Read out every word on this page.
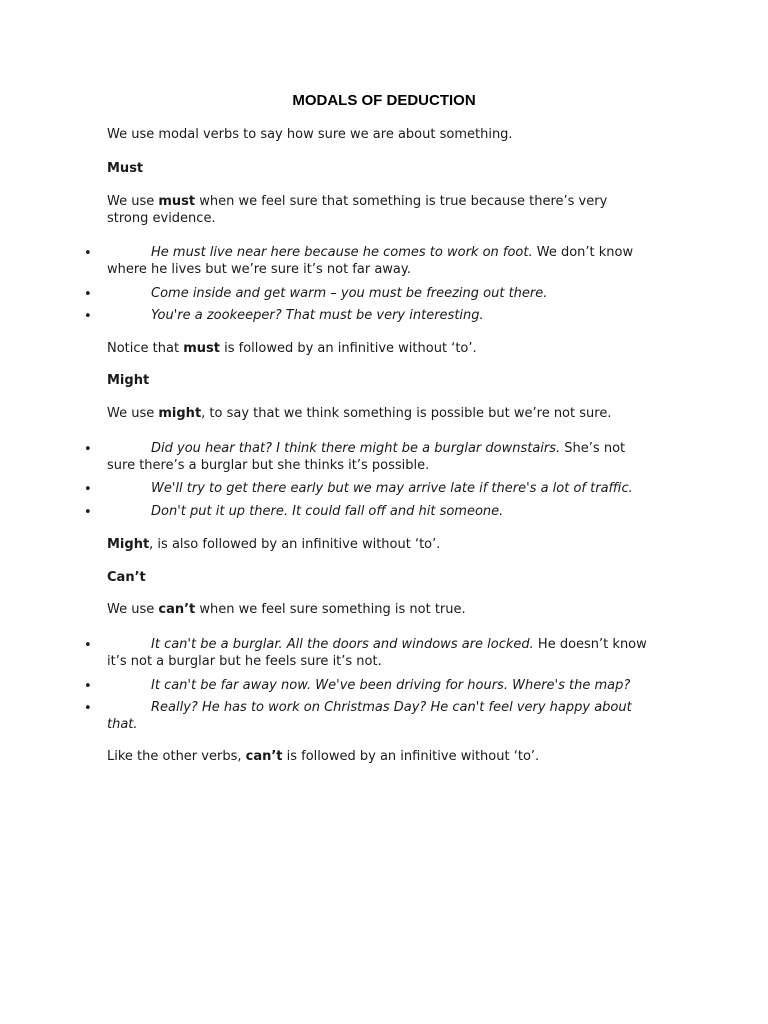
MODALS OF DEDUCTION

We use modal verbs to say how sure we are about something.

Must

We use must when we feel sure that something is true because there’s very strong evidence.

•	He must live near here because he comes to work on foot. We don’t know where he lives but we’re sure it’s not far away.

•	Come inside and get warm – you must be freezing out there.

•	You're a zookeeper? That must be very interesting.

Notice that must is followed by an infinitive without ‘to’.

Might

We use might, to say that we think something is possible but we’re not sure.

•	Did you hear that? I think there might be a burglar downstairs. She’s not sure there’s a burglar but she thinks it’s possible.

•	We'll try to get there early but we may arrive late if there's a lot of traffic.

•	Don't put it up there. It could fall off and hit someone.

Might, is also followed by an infinitive without ‘to’.

Can’t

We use can’t when we feel sure something is not true.

•	It can't be a burglar. All the doors and windows are locked. He doesn’t know it’s not a burglar but he feels sure it’s not.

•	It can't be far away now. We've been driving for hours. Where's the map?

•	Really? He has to work on Christmas Day? He can't feel very happy about that.

Like the other verbs, can’t is followed by an infinitive without ‘to’.
